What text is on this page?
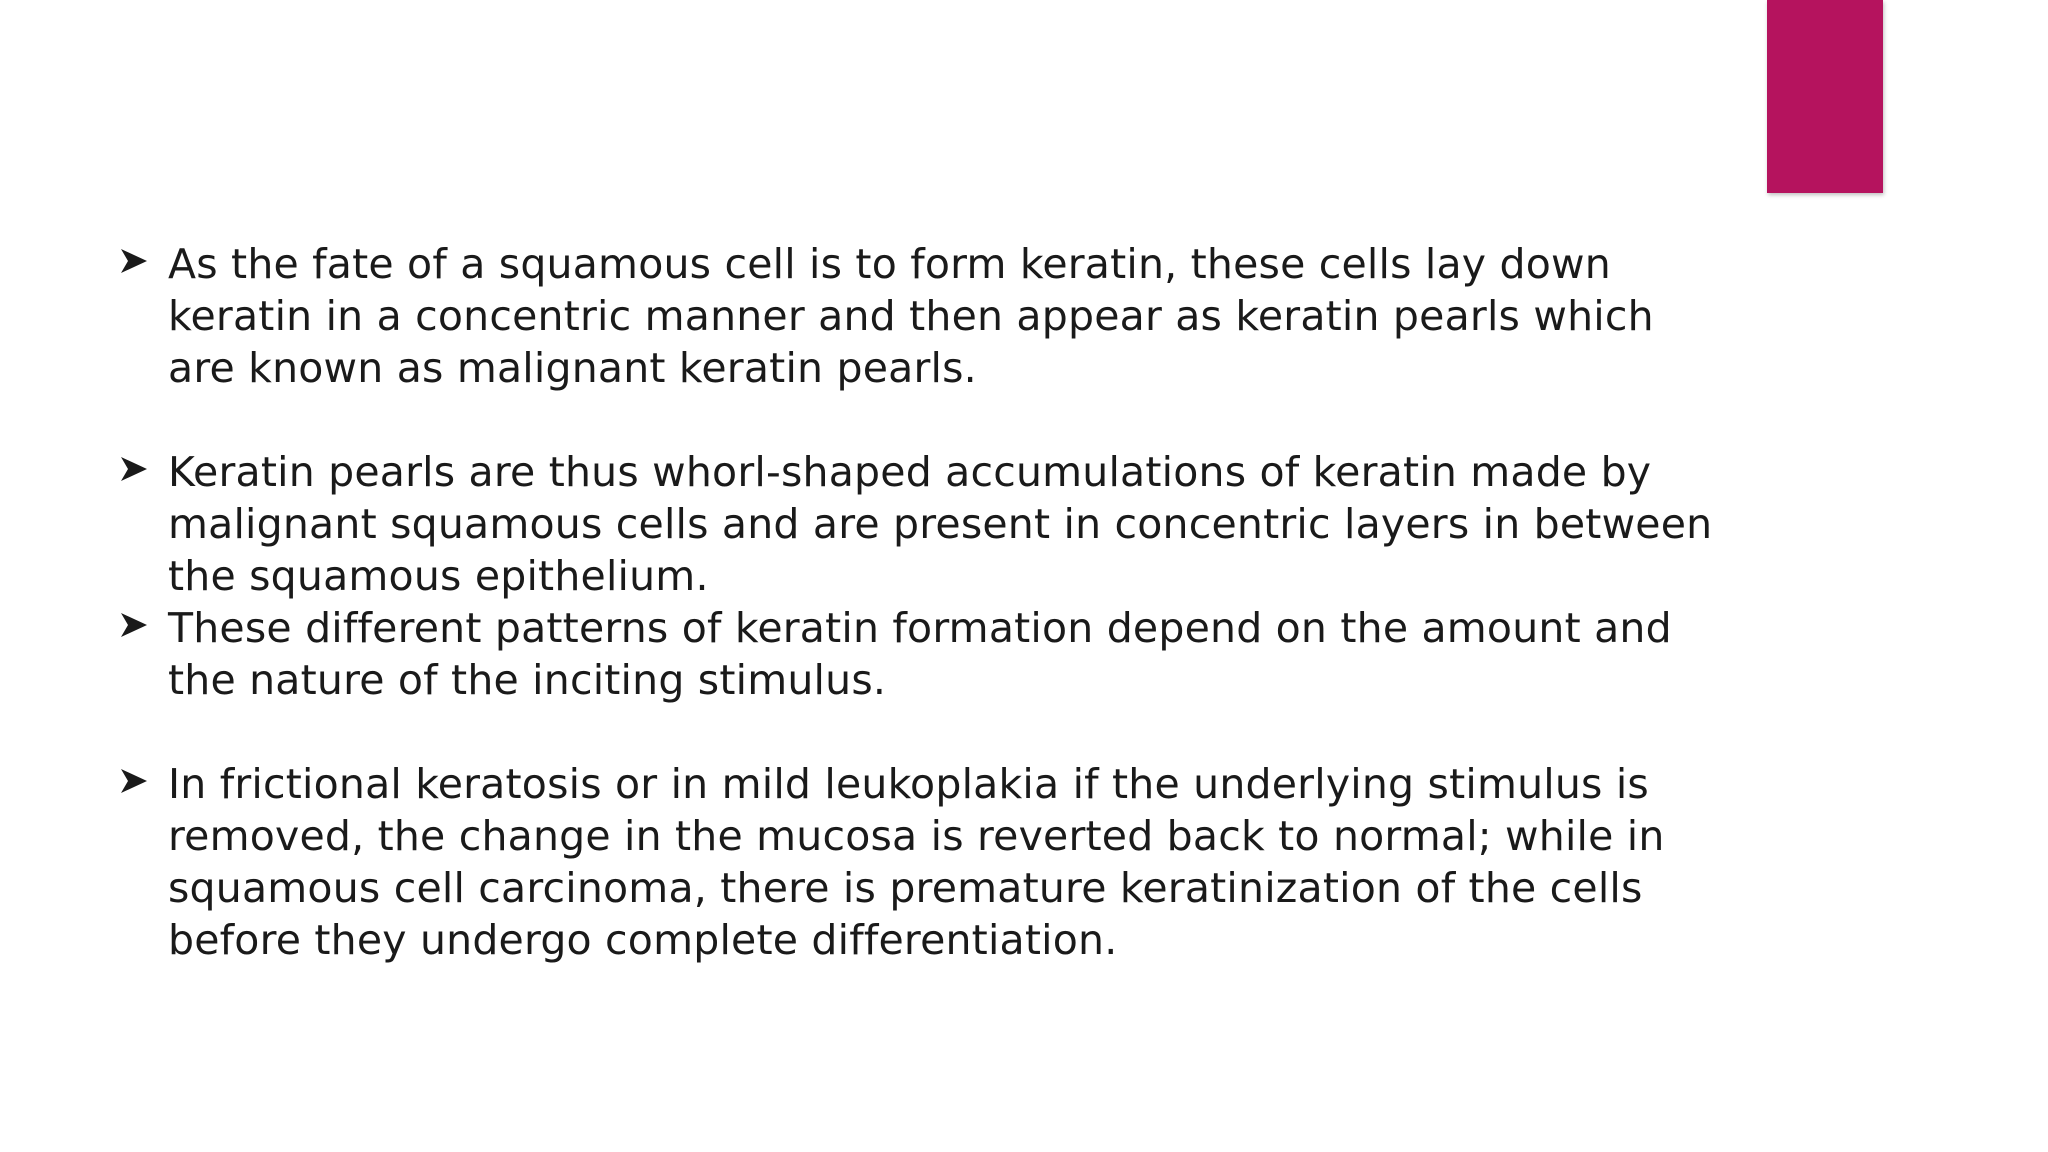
As the fate of a squamous cell is to form keratin, these cells lay down
keratin in a concentric manner and then appear as keratin pearls which
are known as malignant keratin pearls.
Keratin pearls are thus whorl-shaped accumulations of keratin made by
malignant squamous cells and are present in concentric layers in between
the squamous epithelium.
These different patterns of keratin formation depend on the amount and
the nature of the inciting stimulus.
In frictional keratosis or in mild leukoplakia if the underlying stimulus is
removed, the change in the mucosa is reverted back to normal; while in
squamous cell carcinoma, there is premature keratinization of the cells
before they undergo complete differentiation.
